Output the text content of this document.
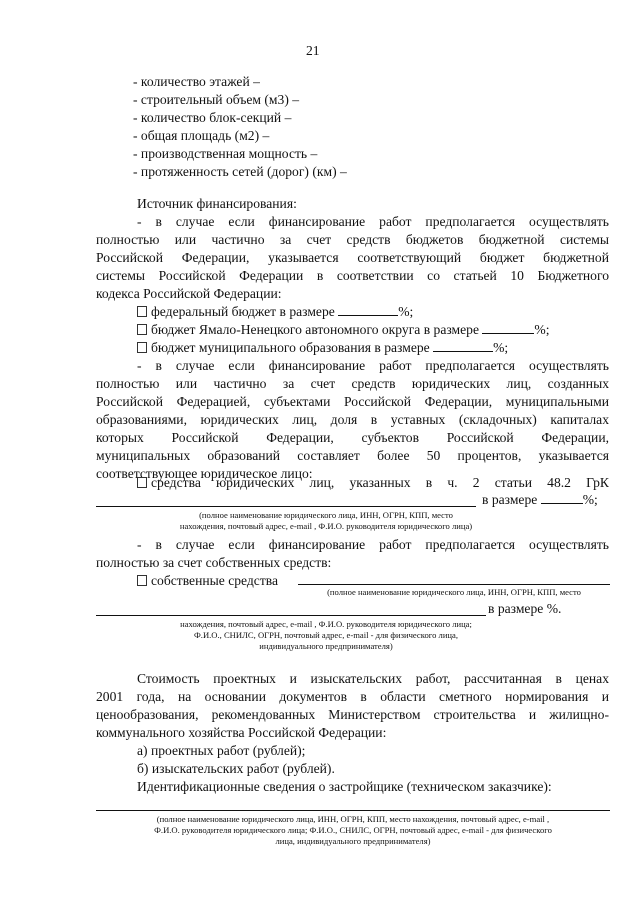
21
- количество этажей –
- строительный объем (м3) –
- количество блок-секций –
- общая площадь (м2) –
- производственная мощность –
- протяженность сетей (дорог) (км) –
Источник финансирования:
- в случае если финансирование работ предполагается осуществлять
полностью или частично за счет средств бюджетов бюджетной системы
Российской Федерации, указывается соответствующий бюджет бюджетной
системы Российской Федерации в соответствии со статьей 10 Бюджетного
кодекса Российской Федерации:
федеральный бюджет в размере	%;
бюджет Ямало-Ненецкого автономного округа в размере	%;
бюджет муниципального образования в размере	%;
- в случае если финансирование работ предполагается осуществлять
полностью или частично за счет средств юридических лиц, созданных
Российской Федерацией, субъектами Российской Федерации, муниципальными
образованиями, юридических лиц, доля в уставных (складочных) капиталах
которых Российской Федерации, субъектов Российской Федерации,
муниципальных образований составляет более 50 процентов, указывается
соответствующее юридическое лицо:
средства юридических лиц, указанных в ч. 2 статьи 48.2 ГрК
в размере	%;
(полное наименование юридического лица, ИНН, ОГРН, КПП, место
нахождения, почтовый адрес, e-mail , Ф.И.О. руководителя юридического лица)
- в случае если финансирование работ предполагается осуществлять
полностью за счет собственных средств:
собственные средства
(полное наименование юридического лица, ИНН, ОГРН, КПП, место
в размере %.
нахождения, почтовый адрес, e-mail , Ф.И.О. руководителя юридического лица;
Ф.И.О., СНИЛС, ОГРН, почтовый адрес, e-mail - для физического лица,
индивидуального предпринимателя)
Стоимость проектных и изыскательских работ, рассчитанная в ценах
2001 года, на основании документов в области сметного нормирования и
ценообразования, рекомендованных Министерством строительства и жилищно-
коммунального хозяйства Российской Федерации:
а) проектных работ (рублей);
б) изыскательских работ (рублей).
Идентификационные сведения о застройщике (техническом заказчике):
(полное наименование юридического лица, ИНН, ОГРН, КПП, место нахождения, почтовый адрес, e-mail ,
Ф.И.О. руководителя юридического лица; Ф.И.О., СНИЛС, ОГРН, почтовый адрес, e-mail - для физического
лица, индивидуального предпринимателя)
